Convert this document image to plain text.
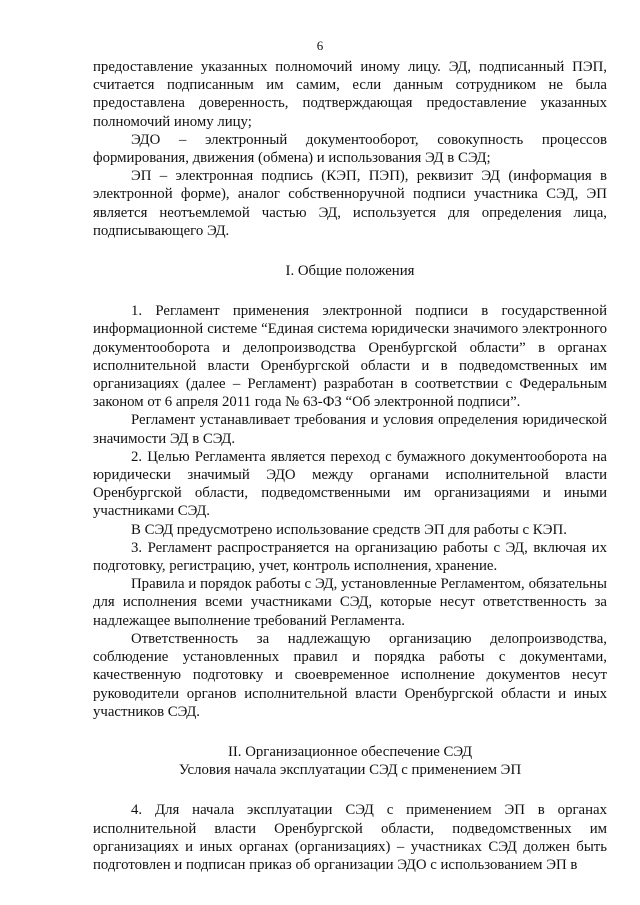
6

предоставление указанных полномочий иному лицу. ЭД, подписанный ПЭП, считается подписанным им самим, если данным сотрудником не была предоставлена доверенность, подтверждающая предоставление указанных полномочий иному лицу;

ЭДО – электронный документооборот, совокупность процессов формирования, движения (обмена) и использования ЭД в СЭД;

ЭП – электронная подпись (КЭП, ПЭП), реквизит ЭД (информация в электронной форме), аналог собственноручной подписи участника СЭД, ЭП является неотъемлемой частью ЭД, используется для определения лица, подписывающего ЭД.

I. Общие положения

1. Регламент применения электронной подписи в государственной информационной системе “Единая система юридически значимого электронного документооборота и делопроизводства Оренбургской области” в органах исполнительной власти Оренбургской области и в подведомственных им организациях (далее – Регламент) разработан в соответствии с Федеральным законом от 6 апреля 2011 года № 63-ФЗ “Об электронной подписи”.

Регламент устанавливает требования и условия определения юридической значимости ЭД в СЭД.

2. Целью Регламента является переход с бумажного документооборота на юридически значимый ЭДО между органами исполнительной власти Оренбургской области, подведомственными им организациями и иными участниками СЭД.

В СЭД предусмотрено использование средств ЭП для работы с КЭП.

3. Регламент распространяется на организацию работы с ЭД, включая их подготовку, регистрацию, учет, контроль исполнения, хранение.

Правила и порядок работы с ЭД, установленные Регламентом, обязательны для исполнения всеми участниками СЭД, которые несут ответственность за надлежащее выполнение требований Регламента.

Ответственность за надлежащую организацию делопроизводства, соблюдение установленных правил и порядка работы с документами, качественную подготовку и своевременное исполнение документов несут руководители органов исполнительной власти Оренбургской области и иных участников СЭД.

II. Организационное обеспечение СЭД

Условия начала эксплуатации СЭД с применением ЭП

4. Для начала эксплуатации СЭД с применением ЭП в органах исполнительной власти Оренбургской области, подведомственных им организациях и иных органах (организациях) – участниках СЭД должен быть подготовлен и подписан приказ об организации ЭДО с использованием ЭП в
